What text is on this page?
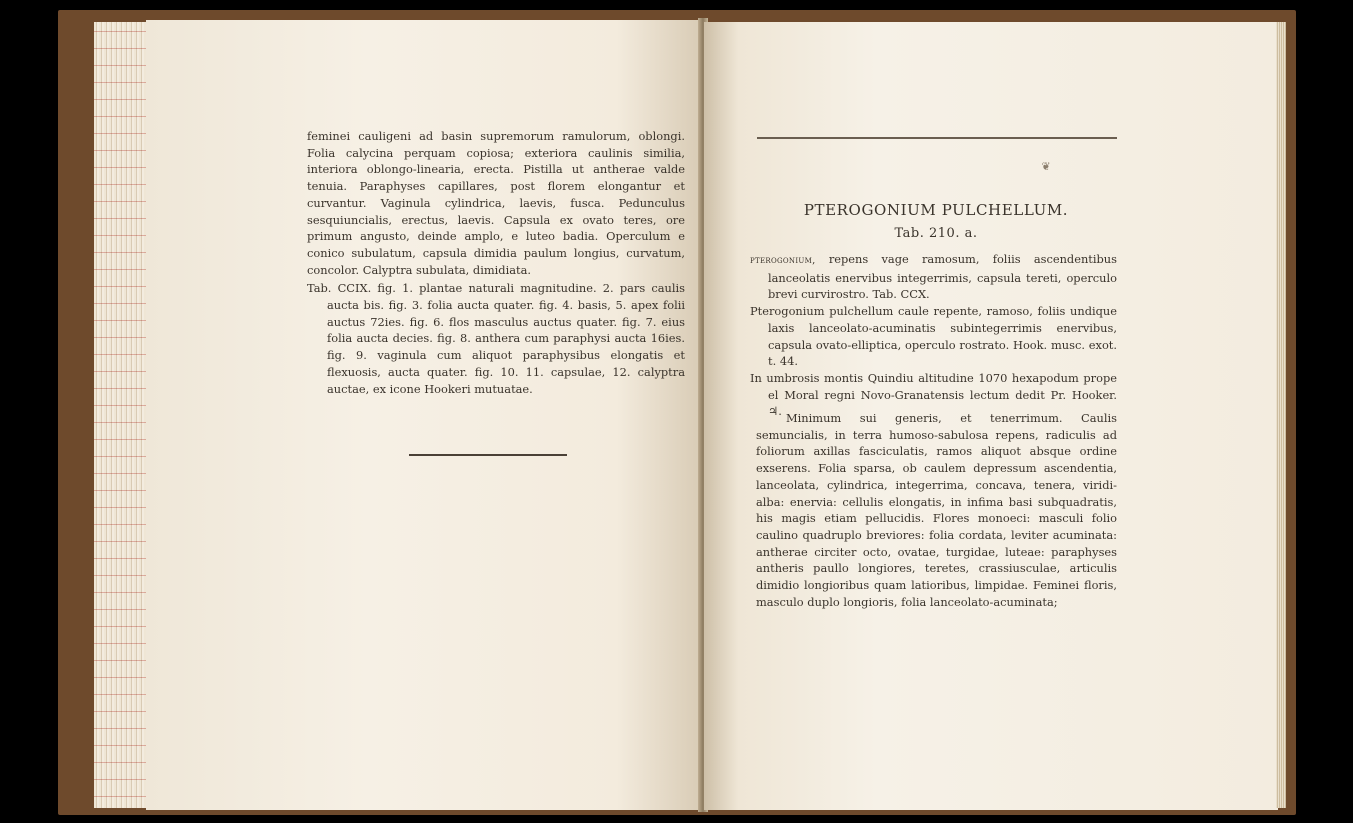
feminei cauligeni ad basin supremorum ramulorum, oblongi. Folia calycina perquam copiosa; exteriora caulinis similia, interiora oblongo-linearia, erecta. Pistilla ut antherae valde tenuia. Paraphyses capillares, post florem elongantur et curvantur. Vaginula cylindrica, laevis, fusca. Pedunculus sesquiuncialis, erectus, laevis. Capsula ex ovato teres, ore primum angusto, deinde amplo, e luteo badia. Operculum e conico subulatum, capsula dimidia paulum longius, curvatum, concolor. Calyptra subulata, dimidiata.

Tab. CCIX. fig. 1. plantae naturali magnitudine. 2. pars caulis aucta bis. fig. 3. folia aucta quater. fig. 4. basis, 5. apex folii auctus 72ies. fig. 6. flos masculus auctus quater. fig. 7. eius folia aucta decies. fig. 8. anthera cum paraphysi aucta 16ies. fig. 9. vaginula cum aliquot paraphysibus elongatis et flexuosis, aucta quater. fig. 10. 11. capsulae, 12. calyptra auctae, ex icone Hookeri mutuatae.

❦
PTEROGONIUM PULCHELLUM.
Tab. 210. a.

pterogonium, repens vage ramosum, foliis ascendentibus lanceolatis enervibus integerrimis, capsula tereti, operculo brevi curvirostro. Tab. CCX.

Pterogonium pulchellum caule repente, ramoso, foliis undique laxis lanceolato-acuminatis subintegerrimis enervibus, capsula ovato-elliptica, operculo rostrato. Hook. musc. exot. t. 44.

In umbrosis montis Quindiu altitudine 1070 hexapodum prope el Moral regni Novo-Granatensis lectum dedit Pr. Hooker. ♃. Minimum sui generis, et tenerrimum. Caulis semuncialis, in terra humoso-sabulosa repens, radiculis ad foliorum axillas fasciculatis, ramos aliquot absque ordine exserens. Folia sparsa, ob caulem depressum ascendentia, lanceolata, cylindrica, integerrima, concava, tenera, viridi-alba: enervia: cellulis elongatis, in infima basi subquadratis, his magis etiam pellucidis. Flores monoeci: masculi folio caulino quadruplo breviores: folia cordata, leviter acuminata: antherae circiter octo, ovatae, turgidae, luteae: paraphyses antheris paullo longiores, teretes, crassiusculae, articulis dimidio longioribus quam latioribus, limpidae. Feminei floris, masculo duplo longioris, folia lanceolato-acuminata;
